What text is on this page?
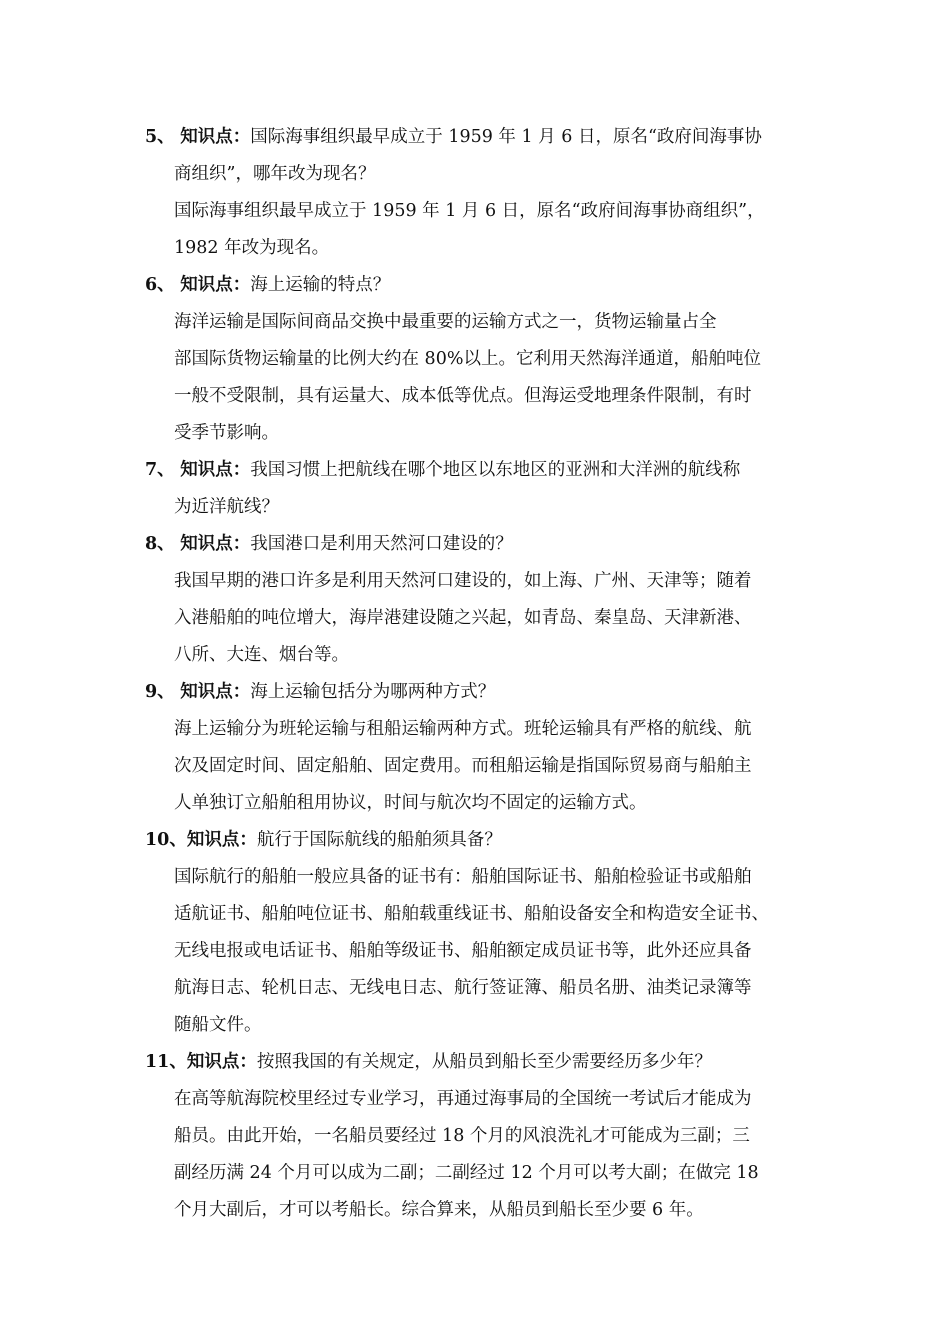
5、 知识点：国际海事组织最早成立于 1959 年 1 月 6 日，原名“政府间海事协
商组织”，哪年改为现名？
国际海事组织最早成立于 1959 年 1 月 6 日，原名“政府间海事协商组织”，
1982 年改为现名。
6、 知识点：海上运输的特点？
海洋运输是国际间商品交换中最重要的运输方式之一，货物运输量占全
部国际货物运输量的比例大约在 80%以上。它利用天然海洋通道，船舶吨位
一般不受限制，具有运量大、成本低等优点。但海运受地理条件限制，有时
受季节影响。
7、 知识点：我国习惯上把航线在哪个地区以东地区的亚洲和大洋洲的航线称
为近洋航线？
8、 知识点：我国港口是利用天然河口建设的？
我国早期的港口许多是利用天然河口建设的，如上海、广州、天津等；随着
入港船舶的吨位增大，海岸港建设随之兴起，如青岛、秦皇岛、天津新港、
八所、大连、烟台等。
9、 知识点：海上运输包括分为哪两种方式？
海上运输分为班轮运输与租船运输两种方式。班轮运输具有严格的航线、航
次及固定时间、固定船舶、固定费用。而租船运输是指国际贸易商与船舶主
人单独订立船舶租用协议，时间与航次均不固定的运输方式。
10、知识点：航行于国际航线的船舶须具备？
国际航行的船舶一般应具备的证书有：船舶国际证书、船舶检验证书或船舶
适航证书、船舶吨位证书、船舶载重线证书、船舶设备安全和构造安全证书、
无线电报或电话证书、船舶等级证书、船舶额定成员证书等，此外还应具备
航海日志、轮机日志、无线电日志、航行签证簿、船员名册、油类记录簿等
随船文件。
11、知识点：按照我国的有关规定，从船员到船长至少需要经历多少年？
在高等航海院校里经过专业学习，再通过海事局的全国统一考试后才能成为
船员。由此开始，一名船员要经过 18 个月的风浪洗礼才可能成为三副；三
副经历满 24 个月可以成为二副；二副经过 12 个月可以考大副；在做完 18
个月大副后，才可以考船长。综合算来，从船员到船长至少要 6 年。
